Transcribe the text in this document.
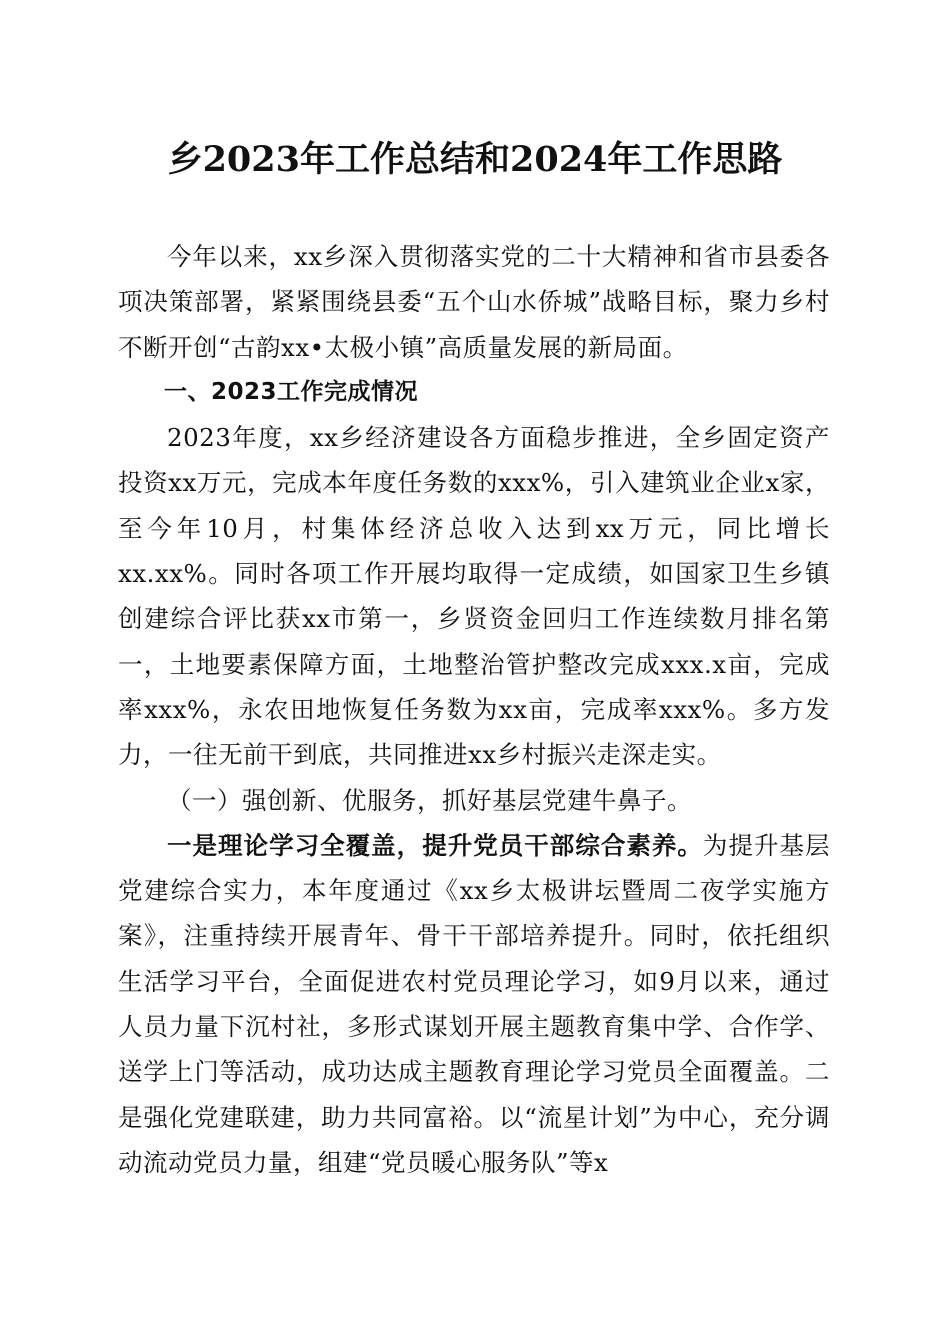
乡2023年工作总结和2024年工作思路

今年以来，xx乡深入贯彻落实党的二十大精神和省市县委各项决策部署，紧紧围绕县委“五个山水侨城”战略目标，聚力乡村不断开创“古韵xx•太极小镇”高质量发展的新局面。

一、2023工作完成情况

2023年度，xx乡经济建设各方面稳步推进，全乡固定资产投资xx万元，完成本年度任务数的xxx%，引入建筑业企业x家，至今年10月，村集体经济总收入达到xx万元，同比增长xx.xx%。同时各项工作开展均取得一定成绩，如国家卫生乡镇创建综合评比获xx市第一，乡贤资金回归工作连续数月排名第一，土地要素保障方面，土地整治管护整改完成xxx.x亩，完成率xxx%，永农田地恢复任务数为xx亩，完成率xxx%。多方发力，一往无前干到底，共同推进xx乡村振兴走深走实。

（一）强创新、优服务，抓好基层党建牛鼻子。

一是理论学习全覆盖，提升党员干部综合素养。为提升基层党建综合实力，本年度通过《xx乡太极讲坛暨周二夜学实施方案》，注重持续开展青年、骨干干部培养提升。同时，依托组织生活学习平台，全面促进农村党员理论学习，如9月以来，通过人员力量下沉村社，多形式谋划开展主题教育集中学、合作学、送学上门等活动，成功达成主题教育理论学习党员全面覆盖。二是强化党建联建，助力共同富裕。以“流星计划”为中心，充分调动流动党员力量，组建“党员暖心服务队”等x
